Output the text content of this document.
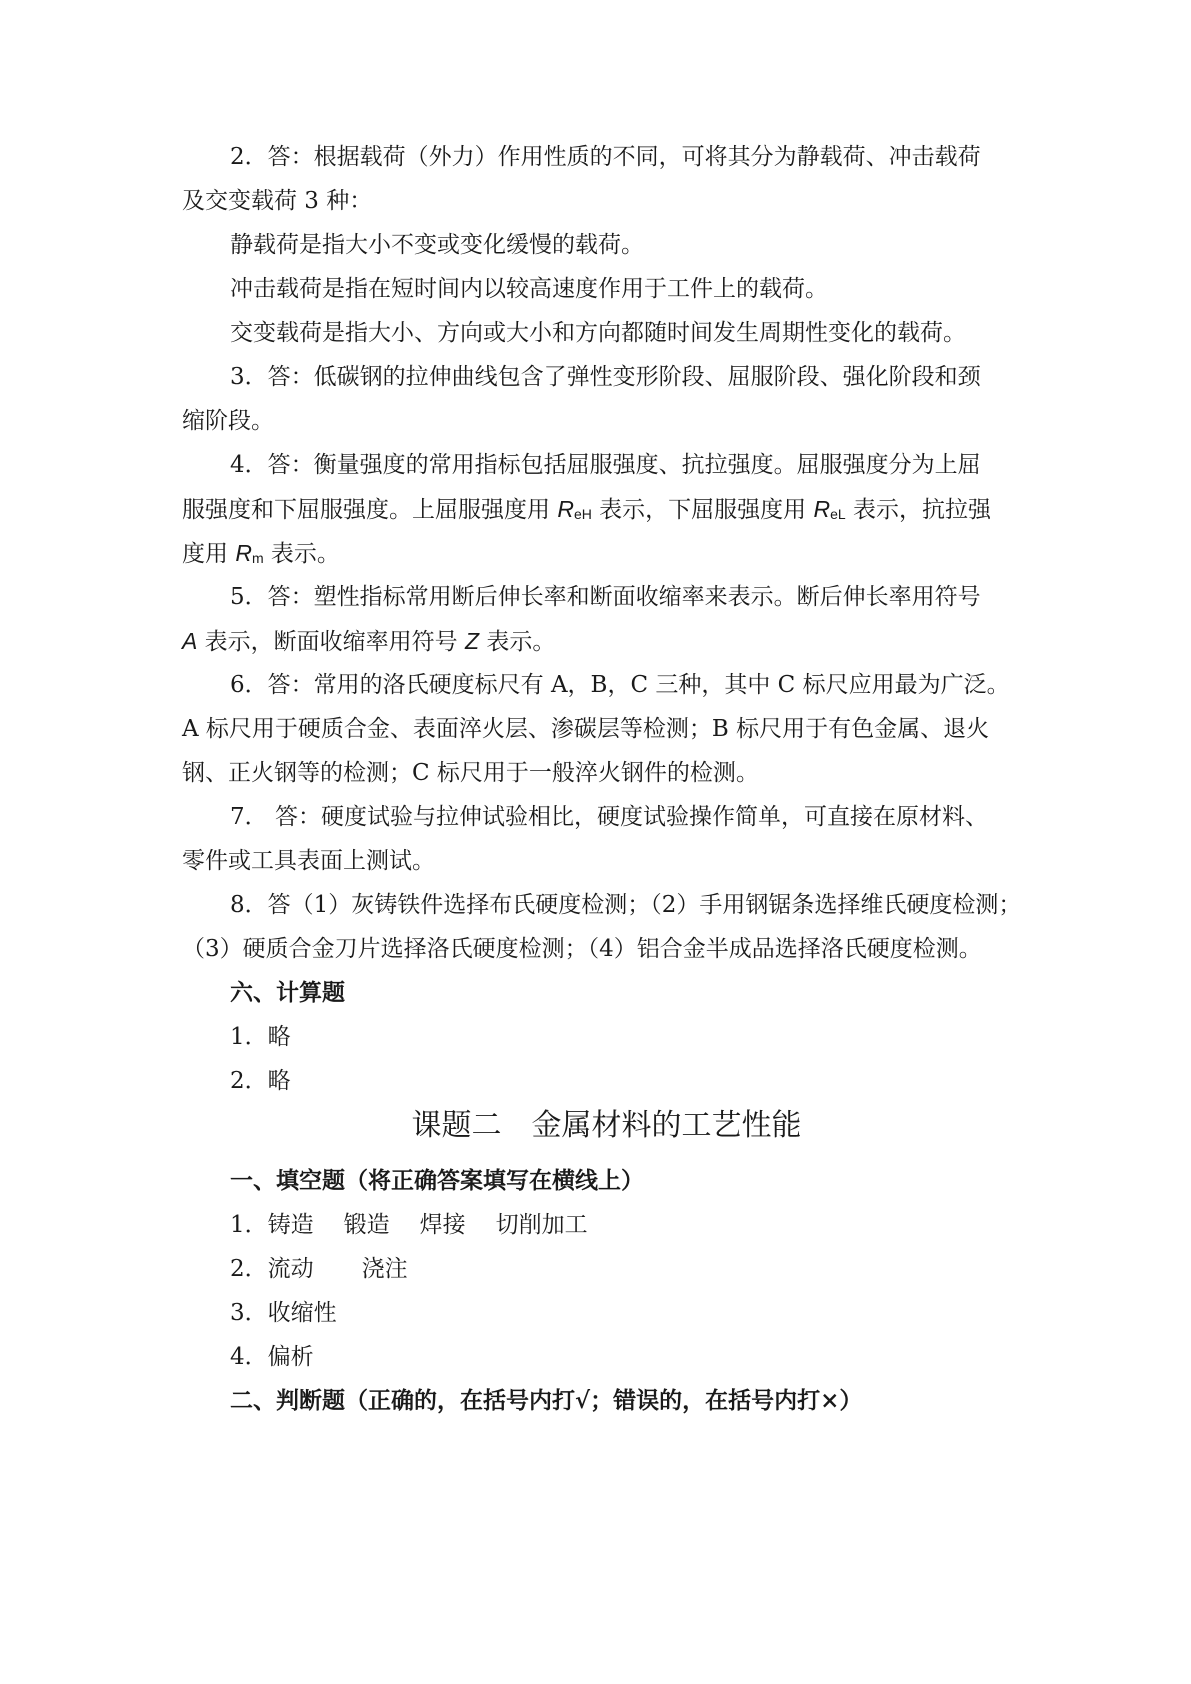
2．答：根据载荷（外力）作用性质的不同，可将其分为静载荷、冲击载荷
及交变载荷 3 种：
静载荷是指大小不变或变化缓慢的载荷。
冲击载荷是指在短时间内以较高速度作用于工件上的载荷。
交变载荷是指大小、方向或大小和方向都随时间发生周期性变化的载荷。
3．答：低碳钢的拉伸曲线包含了弹性变形阶段、屈服阶段、强化阶段和颈
缩阶段。
4．答：衡量强度的常用指标包括屈服强度、抗拉强度。屈服强度分为上屈
服强度和下屈服强度。上屈服强度用 ReH 表示，下屈服强度用 ReL 表示，抗拉强
度用 Rm 表示。
5．答：塑性指标常用断后伸长率和断面收缩率来表示。断后伸长率用符号
A 表示，断面收缩率用符号 Z 表示。
6．答：常用的洛氏硬度标尺有 A，B，C 三种，其中 C 标尺应用最为广泛。
A 标尺用于硬质合金、表面淬火层、渗碳层等检测；B 标尺用于有色金属、退火
钢、正火钢等的检测；C 标尺用于一般淬火钢件的检测。
7． 答：硬度试验与拉伸试验相比，硬度试验操作简单，可直接在原材料、
零件或工具表面上测试。
8．答（1）灰铸铁件选择布氏硬度检测；（2）手用钢锯条选择维氏硬度检测；
（3）硬质合金刀片选择洛氏硬度检测；（4）铝合金半成品选择洛氏硬度检测。
六、计算题
1．略
2．略
课题二　金属材料的工艺性能
一、填空题（将正确答案填写在横线上）
1．铸造 锻造 焊接 切削加工
2．流动 浇注
3．收缩性
4．偏析
二、判断题（正确的，在括号内打√；错误的，在括号内打×）
